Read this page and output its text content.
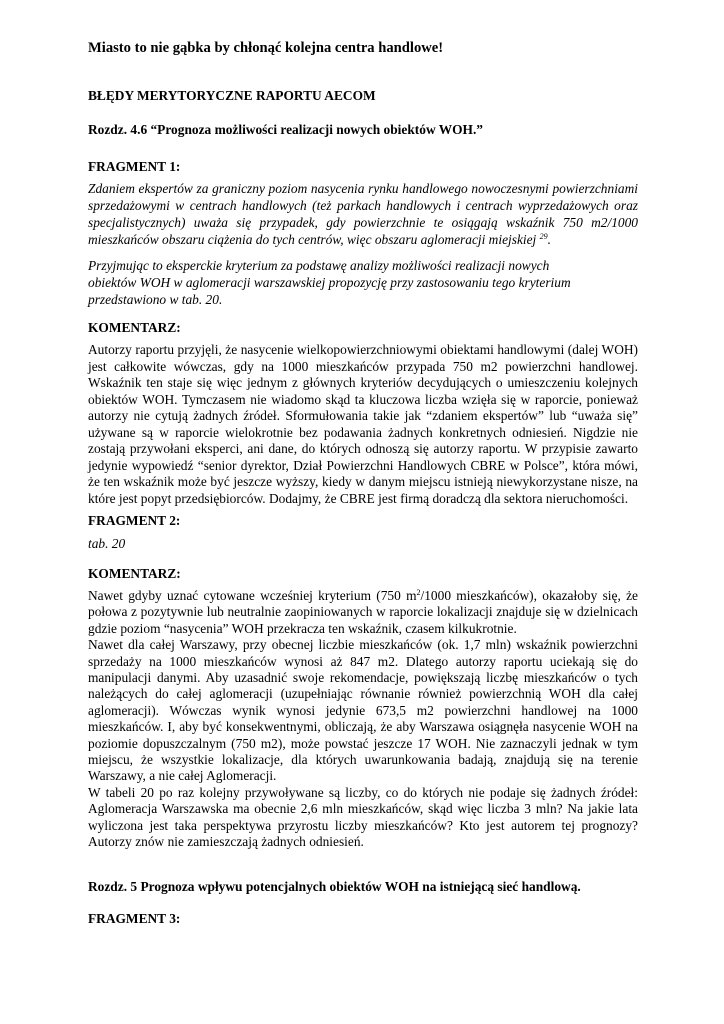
Miasto to nie gąbka by chłonąć kolejna centra handlowe!

BŁĘDY MERYTORYCZNE RAPORTU AECOM

Rozdz. 4.6 “Prognoza możliwości realizacji nowych obiektów WOH.”

FRAGMENT 1:

Zdaniem ekspertów za graniczny poziom nasycenia rynku handlowego nowoczesnymi powierzchniami sprzedażowymi w centrach handlowych (też parkach handlowych i centrach wyprzedażowych oraz specjalistycznych) uważa się przypadek, gdy powierzchnie te osiągają wskaźnik 750 m2/1000 mieszkańców obszaru ciążenia do tych centrów, więc obszaru aglomeracji miejskiej $^{29}$.

Przyjmując to eksperckie kryterium za podstawę analizy możliwości realizacji nowych obiektów WOH w aglomeracji warszawskiej propozycję przy zastosowaniu tego kryterium przedstawiono w tab. 20.

KOMENTARZ:

Autorzy raportu przyjęli, że nasycenie wielkopowierzchniowymi obiektami handlowymi (dalej WOH) jest całkowite wówczas, gdy na 1000 mieszkańców przypada 750 m2 powierzchni handlowej. Wskaźnik ten staje się więc jednym z głównych kryteriów decydujących o umieszczeniu kolejnych obiektów WOH. Tymczasem nie wiadomo skąd ta kluczowa liczba wzięła się w raporcie, ponieważ autorzy nie cytują żadnych źródeł. Sformułowania takie jak “zdaniem ekspertów” lub “uważa się” używane są w raporcie wielokrotnie bez podawania żadnych konkretnych odniesień. Nigdzie nie zostają przywołani eksperci, ani dane, do których odnoszą się autorzy raportu. W przypisie zawarto jedynie wypowiedź “senior dyrektor, Dział Powierzchni Handlowych CBRE w Polsce”, która mówi, że ten wskaźnik może być jeszcze wyższy, kiedy w danym miejscu istnieją niewykorzystane nisze, na które jest popyt przedsiębiorców. Dodajmy, że CBRE jest firmą doradczą dla sektora nieruchomości.

FRAGMENT 2:

tab. 20

KOMENTARZ:

Nawet gdyby uznać cytowane wcześniej kryterium (750 $m^2/1000$ mieszkańców), okazałoby się, że połowa z pozytywnie lub neutralnie zaopiniowanych w raporcie lokalizacji znajduje się w dzielnicach gdzie poziom “nasycenia” WOH przekracza ten wskaźnik, czasem kilkukrotnie.

Nawet dla całej Warszawy, przy obecnej liczbie mieszkańców (ok. 1,7 mln) wskaźnik powierzchni sprzedaży na 1000 mieszkańców wynosi aż 847 m2. Dlatego autorzy raportu uciekają się do manipulacji danymi. Aby uzasadnić swoje rekomendacje, powiększają liczbę mieszkańców o tych należących do całej aglomeracji (uzupełniając równanie również powierzchnią WOH dla całej aglomeracji). Wówczas wynik wynosi jedynie 673,5 m2 powierzchni handlowej na 1000 mieszkańców. I, aby być konsekwentnymi, obliczają, że aby Warszawa osiągnęła nasycenie WOH na poziomie dopuszczalnym (750 m2), może powstać jeszcze 17 WOH. Nie zaznaczyli jednak w tym miejscu, że wszystkie lokalizacje, dla których uwarunkowania badają, znajdują się na terenie Warszawy, a nie całej Aglomeracji.

W tabeli 20 po raz kolejny przywoływane są liczby, co do których nie podaje się żadnych źródeł: Aglomeracja Warszawska ma obecnie 2,6 mln mieszkańców, skąd więc liczba 3 mln? Na jakie lata wyliczona jest taka perspektywa przyrostu liczby mieszkańców? Kto jest autorem tej prognozy? Autorzy znów nie zamieszczają żadnych odniesień.

Rozdz. 5 Prognoza wpływu potencjalnych obiektów WOH na istniejącą sieć handlową.

FRAGMENT 3:
